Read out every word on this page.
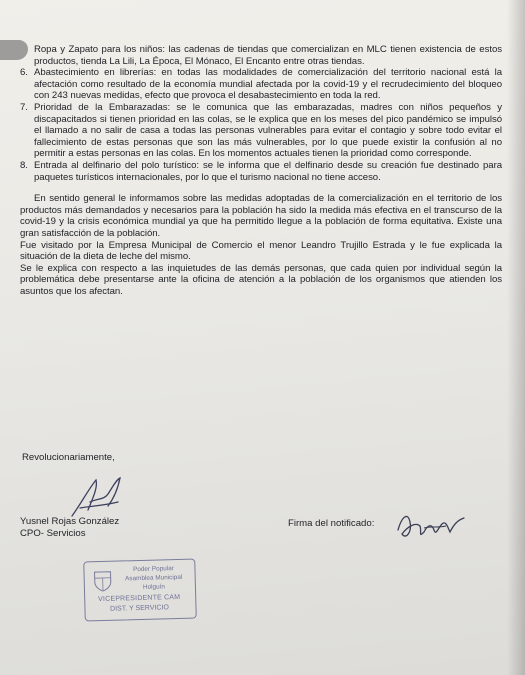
Ropa y Zapato para los niños: las cadenas de tiendas que comercializan en MLC tienen existencia de estos productos, tienda La Lili, La Época, El Mónaco, El Encanto entre otras tiendas.

6. Abastecimiento en librerías: en todas las modalidades de comercialización del territorio nacional está la afectación como resultado de la economía mundial afectada por la covid-19 y el recrudecimiento del bloqueo con 243 nuevas medidas, efecto que provoca el desabastecimiento en toda la red.

7. Prioridad de la Embarazadas: se le comunica que las embarazadas, madres con niños pequeños y discapacitados si tienen prioridad en las colas, se le explica que en los meses del pico pandémico se impulsó el llamado a no salir de casa a todas las personas vulnerables para evitar el contagio y sobre todo evitar el fallecimiento de estas personas que son las más vulnerables, por lo que puede existir la confusión al no permitir a estas personas en las colas. En los momentos actuales tienen la prioridad como corresponde.

8. Entrada al delfinario del polo turístico: se le informa que el delfinario desde su creación fue destinado para paquetes turísticos internacionales, por lo que el turismo nacional no tiene acceso.

En sentido general le informamos sobre las medidas adoptadas de la comercialización en el territorio de los productos más demandados y necesarios para la población ha sido la medida más efectiva en el transcurso de la covid-19 y la crisis económica mundial ya que ha permitido llegue a la población de forma equitativa. Existe una gran satisfacción de la población.

Fue visitado por la Empresa Municipal de Comercio el menor Leandro Trujillo Estrada y le fue explicada la situación de la dieta de leche del mismo.

Se le explica con respecto a las inquietudes de las demás personas, que cada quien por individual según la problemática debe presentarse ante la oficina de atención a la población de los organismos que atienden los asuntos que los afectan.

Revolucionariamente,
Yusnel Rojas González
CPO- Servicios
Firma del notificado:
Poder Popular
Asamblea Municipal
Holguín
VICEPRESIDENTE CAM
DIST. Y SERVICIO
